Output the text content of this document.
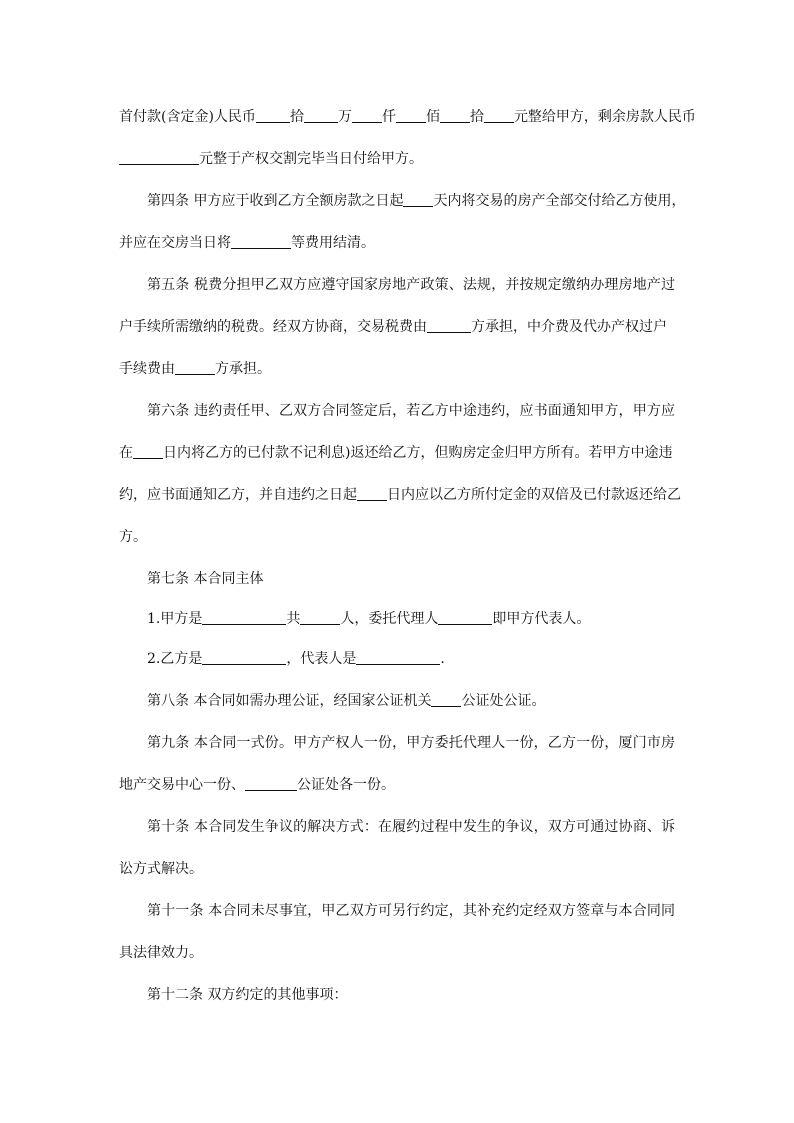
首付款(含定金)人民币 拾 万 仟 佰 拾 元整给甲方，剩余房款人民币
元整于产权交割完毕当日付给甲方。
第四条 甲方应于收到乙方全额房款之日起 天内将交易的房产全部交付给乙方使用，
并应在交房当日将	等费用结清。
第五条 税费分担甲乙双方应遵守国家房地产政策、法规，并按规定缴纳办理房地产过
户手续所需缴纳的税费。经双方协商，交易税费由	方承担，中介费及代办产权过户
手续费由	方承担。
第六条 违约责任甲、乙双方合同签定后，若乙方中途违约，应书面通知甲方，甲方应
在 日内将乙方的已付款不记利息)返还给乙方，但购房定金归甲方所有。若甲方中途违
约，应书面通知乙方，并自违约之日起 日内应以乙方所付定金的双倍及已付款返还给乙
方。
第七条 本合同主体
1.甲方是	共	人，委托代理人	即甲方代表人。
2.乙方是	，代表人是	.
第八条 本合同如需办理公证，经国家公证机关 公证处公证。
第九条 本合同一式份。甲方产权人一份，甲方委托代理人一份，乙方一份，厦门市房
地产交易中心一份、	公证处各一份。
第十条 本合同发生争议的解决方式：在履约过程中发生的争议，双方可通过协商、诉
讼方式解决。
第十一条 本合同未尽事宜，甲乙双方可另行约定，其补充约定经双方签章与本合同同
具法律效力。
第十二条 双方约定的其他事项：
